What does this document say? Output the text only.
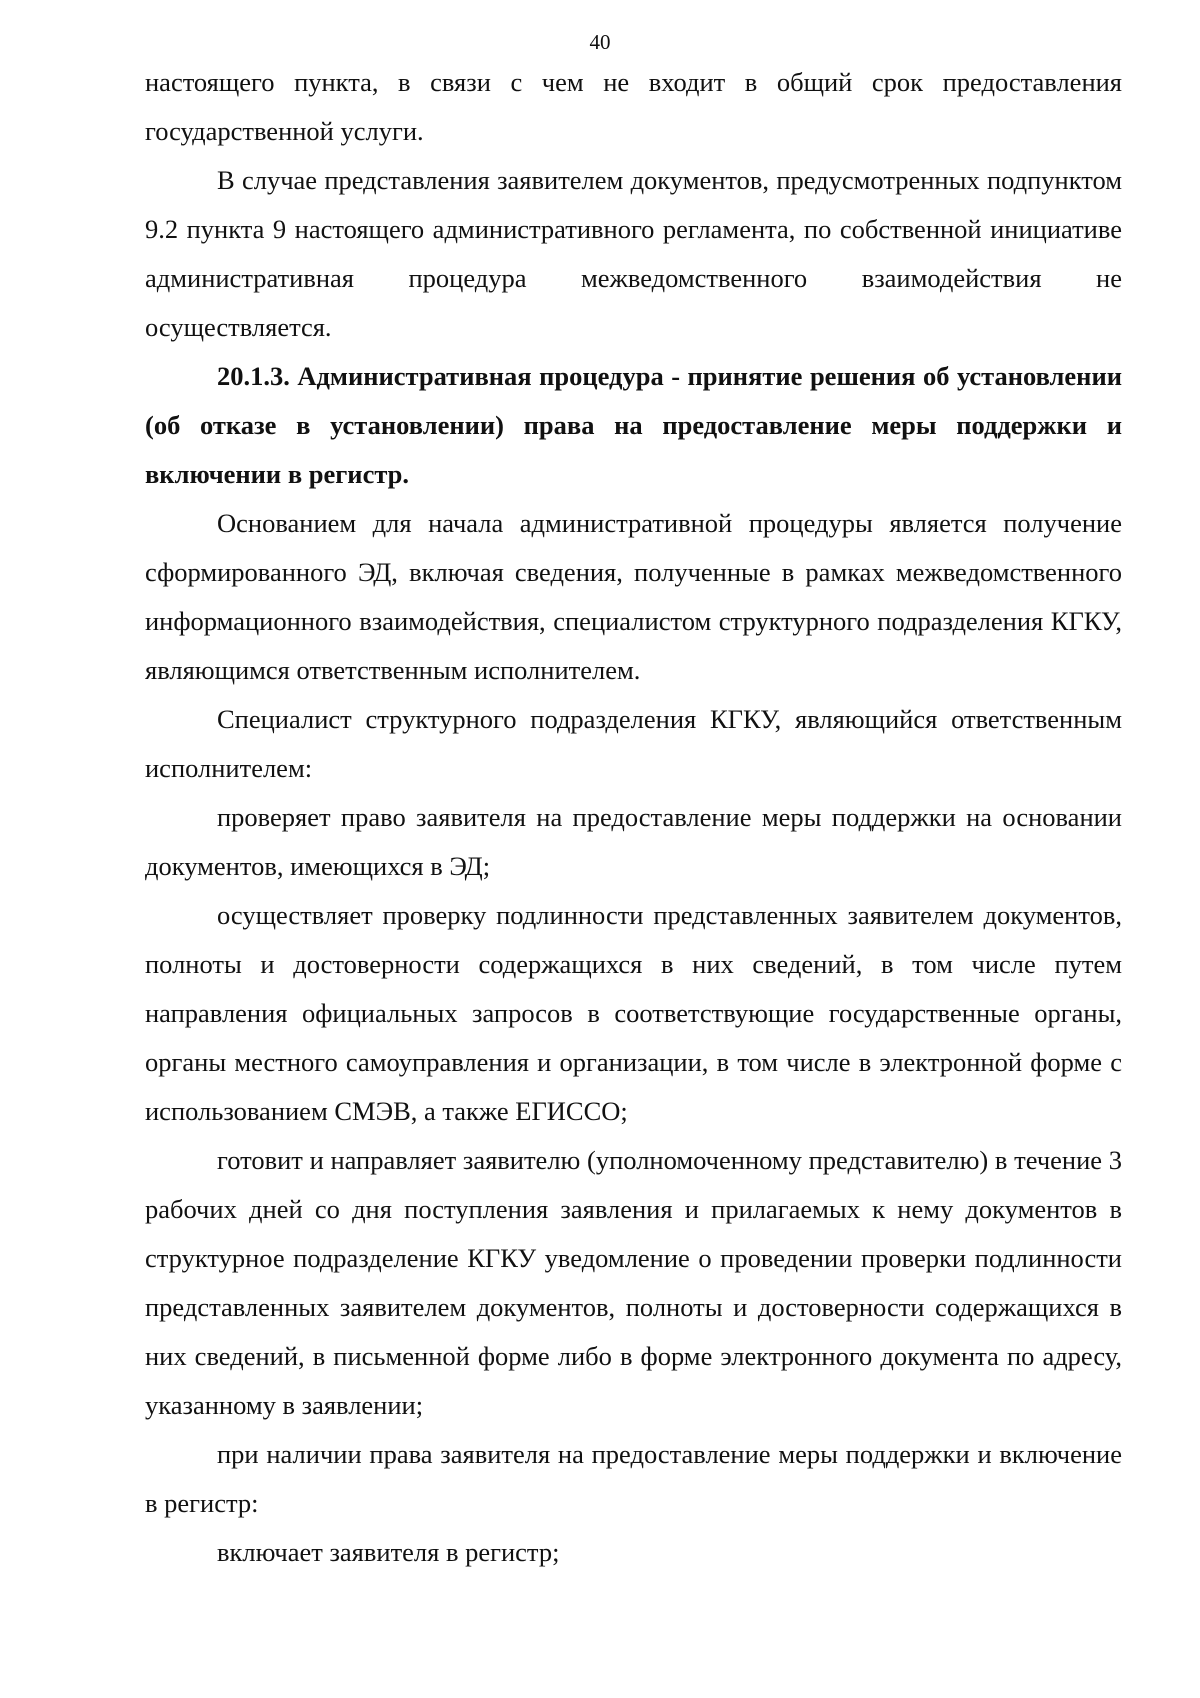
40

настоящего пункта, в связи с чем не входит в общий срок предоставления государственной услуги.

В случае представления заявителем документов, предусмотренных подпунктом 9.2 пункта 9 настоящего административного регламента, по собственной инициативе административная процедура межведомственного взаимодействия не осуществляется.

20.1.3. Административная процедура - принятие решения об установлении (об отказе в установлении) права на предоставление меры поддержки и включении в регистр.

Основанием для начала административной процедуры является получение сформированного ЭД, включая сведения, полученные в рамках межведомственного информационного взаимодействия, специалистом структурного подразделения КГКУ, являющимся ответственным исполнителем.

Специалист структурного подразделения КГКУ, являющийся ответственным исполнителем:

проверяет право заявителя на предоставление меры поддержки на основании документов, имеющихся в ЭД;

осуществляет проверку подлинности представленных заявителем документов, полноты и достоверности содержащихся в них сведений, в том числе путем направления официальных запросов в соответствующие государственные органы, органы местного самоуправления и организации, в том числе в электронной форме с использованием СМЭВ, а также ЕГИССО;

готовит и направляет заявителю (уполномоченному представителю) в течение 3 рабочих дней со дня поступления заявления и прилагаемых к нему документов в структурное подразделение КГКУ уведомление о проведении проверки подлинности представленных заявителем документов, полноты и достоверности содержащихся в них сведений, в письменной форме либо в форме электронного документа по адресу, указанному в заявлении;

при наличии права заявителя на предоставление меры поддержки и включение в регистр:

включает заявителя в регистр;
